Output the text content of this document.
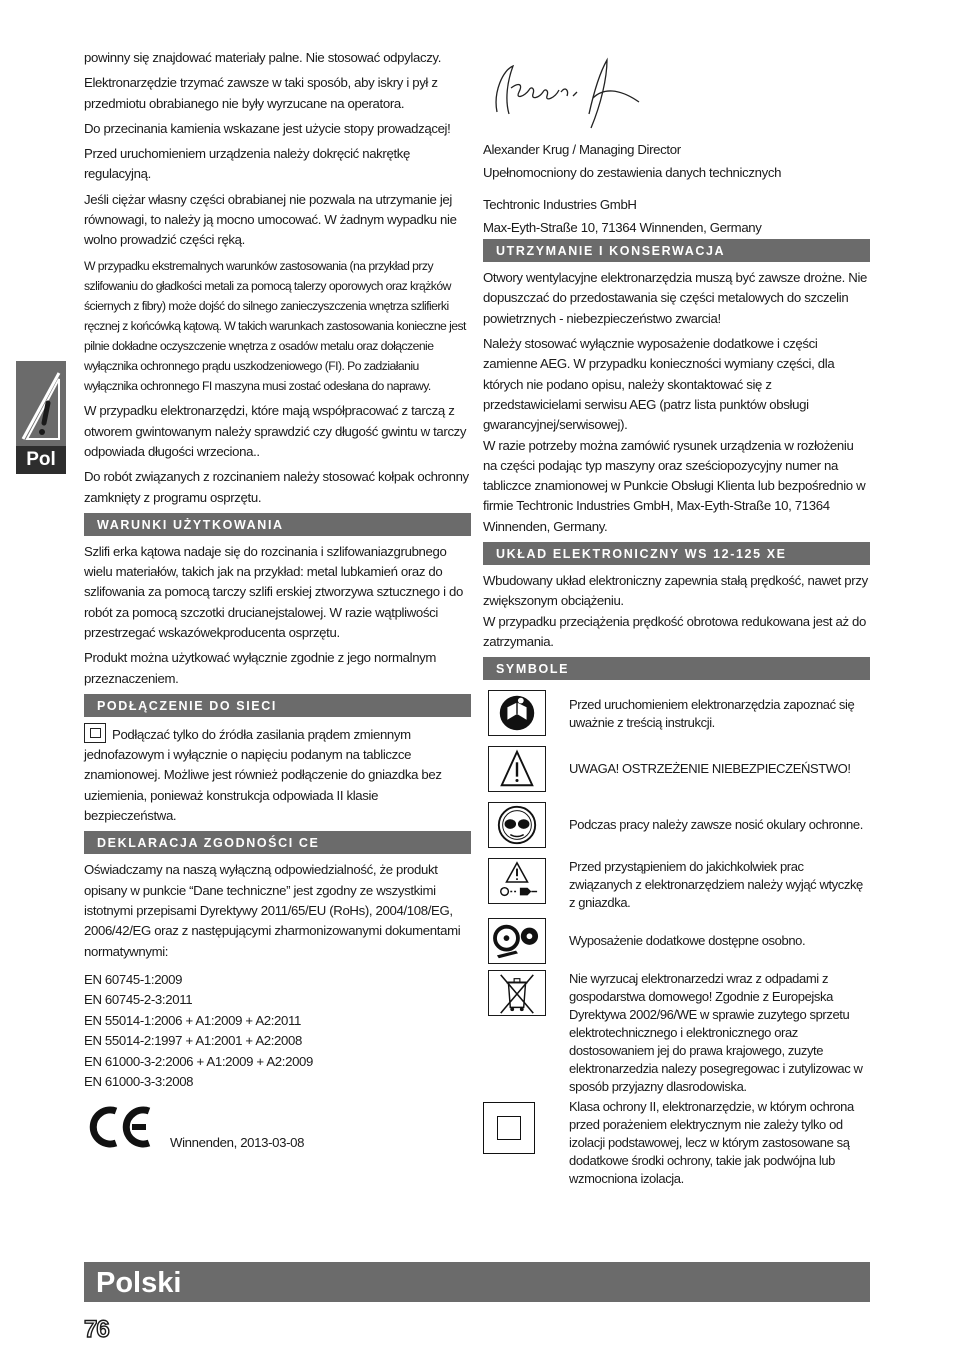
Pol

powinny się znajdować materiały palne. Nie stosować odpylaczy.

Elektronarzędzie trzymać zawsze w taki sposób, aby iskry i pył z przedmiotu obrabianego nie były wyrzucane na operatora.

Do przecinania kamienia wskazane jest użycie stopy prowadzącej!

Przed uruchomieniem urządzenia należy dokręcić nakrętkę regulacyjną.

Jeśli ciężar własny części obrabianej nie pozwala na utrzymanie jej równowagi, to należy ją mocno umocować. W żadnym wypadku nie wolno prowadzić części ręką.

W przypadku ekstremalnych warunków zastosowania (na przykład przy szlifowaniu do gładkości metali za pomocą talerzy oporowych oraz krążków ściernych z fibry) może dojść do silnego zanieczyszczenia wnętrza szlifierki ręcznej z końcówką kątową. W takich warunkach zastosowania konieczne jest pilnie dokładne oczyszczenie wnętrza z osadów metalu oraz dołączenie wyłącznika ochronnego prądu uszkodzeniowego (FI). Po zadziałaniu wyłącznika ochronnego FI maszyna musi zostać odesłana do naprawy.

W przypadku elektronarzędzi, które mają współpracować z tarczą z otworem gwintowanym należy sprawdzić czy długość gwintu w tarczy odpowiada długości wrzeciona..

Do robót związanych z rozcinaniem należy stosować kołpak ochronny zamknięty z programu osprzętu.

WARUNKI UŻYTKOWANIA

Szlifi erka kątowa nadaje się do rozcinania i szlifowaniazgrubnego wielu materiałów, takich jak na przykład: metal lubkamień oraz do szlifowania za pomocą tarczy szlifi erskiej ztworzywa sztucznego i do robót za pomocą szczotki drucianejstalowej. W razie wątpliwości przestrzegać wskazówekproducenta osprzętu.

Produkt można użytkować wyłącznie zgodnie z jego normalnym przeznaczeniem.

PODŁĄCZENIE DO SIECI

Podłączać tylko do źródła zasilania prądem zmiennym jednofazowym i wyłącznie o napięciu podanym na tabliczce znamionowej. Możliwe jest również podłączenie do gniazdka bez uziemienia, ponieważ konstrukcja odpowiada II klasie bezpieczeństwa.

DEKLARACJA ZGODNOŚCI CE

Oświadczamy na naszą wyłączną odpowiedzialność, że produkt opisany w punkcie “Dane techniczne” jest zgodny ze wszystkimi istotnymi przepisami Dyrektywy 2011/65/EU (RoHs), 2004/108/EG, 2006/42/EG oraz z następującymi zharmonizowanymi dokumentami normatywnymi:

EN 60745-1:2009
EN 60745-2-3:2011
EN 55014-1:2006 + A1:2009 + A2:2011
EN 55014-2:1997 + A1:2001 + A2:2008
EN 61000-3-2:2006 + A1:2009 + A2:2009
EN 61000-3-3:2008
Winnenden, 2013-03-08

Alexander Krug / Managing Director

Upełnomocniony do zestawienia danych technicznych

Techtronic Industries GmbH

Max-Eyth-Straße 10, 71364 Winnenden, Germany

UTRZYMANIE I KONSERWACJA

Otwory wentylacyjne elektronarzędzia muszą być zawsze drożne. Nie dopuszczać do przedostawania się części metalowych do szczelin powietrznych - niebezpieczeństwo zwarcia!

Należy stosować wyłącznie wyposażenie dodatkowe i części zamienne AEG. W przypadku konieczności wymiany części, dla których nie podano opisu, należy skontaktować się z przedstawicielami serwisu AEG (patrz lista punktów obsługi gwarancyjnej/serwisowej).

W razie potrzeby można zamówić rysunek urządzenia w rozłożeniu na części podając typ maszyny oraz sześciopozycyjny numer na tabliczce znamionowej w Punkcie Obsługi Klienta lub bezpośrednio w firmie Techtronic Industries GmbH, Max-Eyth-Straße 10, 71364 Winnenden, Germany.

UKŁAD ELEKTRONICZNY WS 12-125 XE

Wbudowany układ elektroniczny zapewnia stałą prędkość, nawet przy zwiększonym obciążeniu.

W przypadku przeciążenia prędkość obrotowa redukowana jest aż do zatrzymania.

SYMBOLE
Przed uruchomieniem elektronarzędzia zapoznać się uważnie z treścią instrukcji.
UWAGA! OSTRZEŻENIE NIEBEZPIECZEŃSTWO!
Podczas pracy należy zawsze nosić okulary ochronne.
Przed przystąpieniem do jakichkolwiek prac związanych z elektronarzędziem należy wyjąć wtyczkę z gniazdka.
Wyposażenie dodatkowe dostępne osobno.
Nie wyrzucaj elektronarzedzi wraz z odpadami z gospodarstwa domowego! Zgodnie z Europejska Dyrektywa 2002/96/WE w sprawie zuzytego sprzetu elektrotechnicznego i elektronicznego oraz dostosowaniem jej do prawa krajowego, zuzyte elektronarzedzia nalezy posegregowac i zutylizowac w sposób przyjazny dlasrodowiska.
Klasa ochrony II, elektronarzędzie, w którym ochrona przed porażeniem elektrycznym nie zależy tylko od izolacji podstawowej, lecz w którym zastosowane są dodatkowe środki ochrony, takie jak podwójna lub wzmocniona izolacja.
Polski
76
